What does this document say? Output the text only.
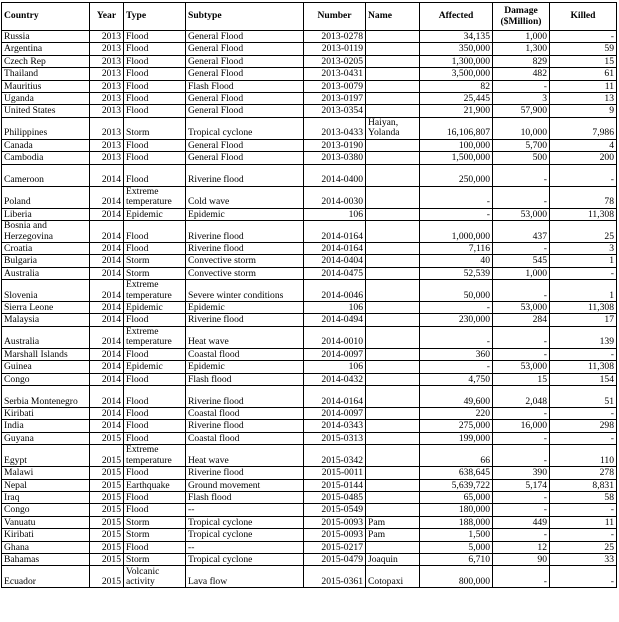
Country	Year	Type	Subtype	Number	Name	Affected	Damage ($Million)	Killed
Russia	2013	Flood	General Flood	2013-0278		34,135	1,000	-
Argentina	2013	Flood	General Flood	2013-0119		350,000	1,300	59
Czech Rep	2013	Flood	General Flood	2013-0205		1,300,000	829	15
Thailand	2013	Flood	General Flood	2013-0431		3,500,000	482	61
Mauritius	2013	Flood	Flash Flood	2013-0079		82	-	11
Uganda	2013	Flood	General Flood	2013-0197		25,445	3	13
United States	2013	Flood	General Flood	2013-0354		21,900	57,900	9
Philippines	2013	Storm	Tropical cyclone	2013-0433	Haiyan, Yolanda	16,106,807	10,000	7,986
Canada	2013	Flood	General Flood	2013-0190		100,000	5,700	4
Cambodia	2013	Flood	General Flood	2013-0380		1,500,000	500	200
Cameroon	2014	Flood	Riverine flood	2014-0400		250,000	-	-
Poland	2014	Extreme temperature	Cold wave	2014-0030		-	-	78
Liberia	2014	Epidemic	Epidemic	106		-	53,000	11,308
Bosnia and Herzegovina	2014	Flood	Riverine flood	2014-0164		1,000,000	437	25
Croatia	2014	Flood	Riverine flood	2014-0164		7,116	-	3
Bulgaria	2014	Storm	Convective storm	2014-0404		40	545	1
Australia	2014	Storm	Convective storm	2014-0475		52,539	1,000	-
Slovenia	2014	Extreme temperature	Severe winter conditions	2014-0046		50,000	-	1
Sierra Leone	2014	Epidemic	Epidemic	106		-	53,000	11,308
Malaysia	2014	Flood	Riverine flood	2014-0494		230,000	284	17
Australia	2014	Extreme temperature	Heat wave	2014-0010		-	-	139
Marshall Islands	2014	Flood	Coastal flood	2014-0097		360	-	-
Guinea	2014	Epidemic	Epidemic	106		-	53,000	11,308
Congo	2014	Flood	Flash flood	2014-0432		4,750	15	154
Serbia Montenegro	2014	Flood	Riverine flood	2014-0164		49,600	2,048	51
Kiribati	2014	Flood	Coastal flood	2014-0097		220	-	-
India	2014	Flood	Riverine flood	2014-0343		275,000	16,000	298
Guyana	2015	Flood	Coastal flood	2015-0313		199,000	-	-
Egypt	2015	Extreme temperature	Heat wave	2015-0342		66	-	110
Malawi	2015	Flood	Riverine flood	2015-0011		638,645	390	278
Nepal	2015	Earthquake	Ground movement	2015-0144		5,639,722	5,174	8,831
Iraq	2015	Flood	Flash flood	2015-0485		65,000	-	58
Congo	2015	Flood	--	2015-0549		180,000	-	-
Vanuatu	2015	Storm	Tropical cyclone	2015-0093	Pam	188,000	449	11
Kiribati	2015	Storm	Tropical cyclone	2015-0093	Pam	1,500	-	-
Ghana	2015	Flood	--	2015-0217		5,000	12	25
Bahamas	2015	Storm	Tropical cyclone	2015-0479	Joaquin	6,710	90	33
Ecuador	2015	Volcanic activity	Lava flow	2015-0361	Cotopaxi	800,000	-	-
